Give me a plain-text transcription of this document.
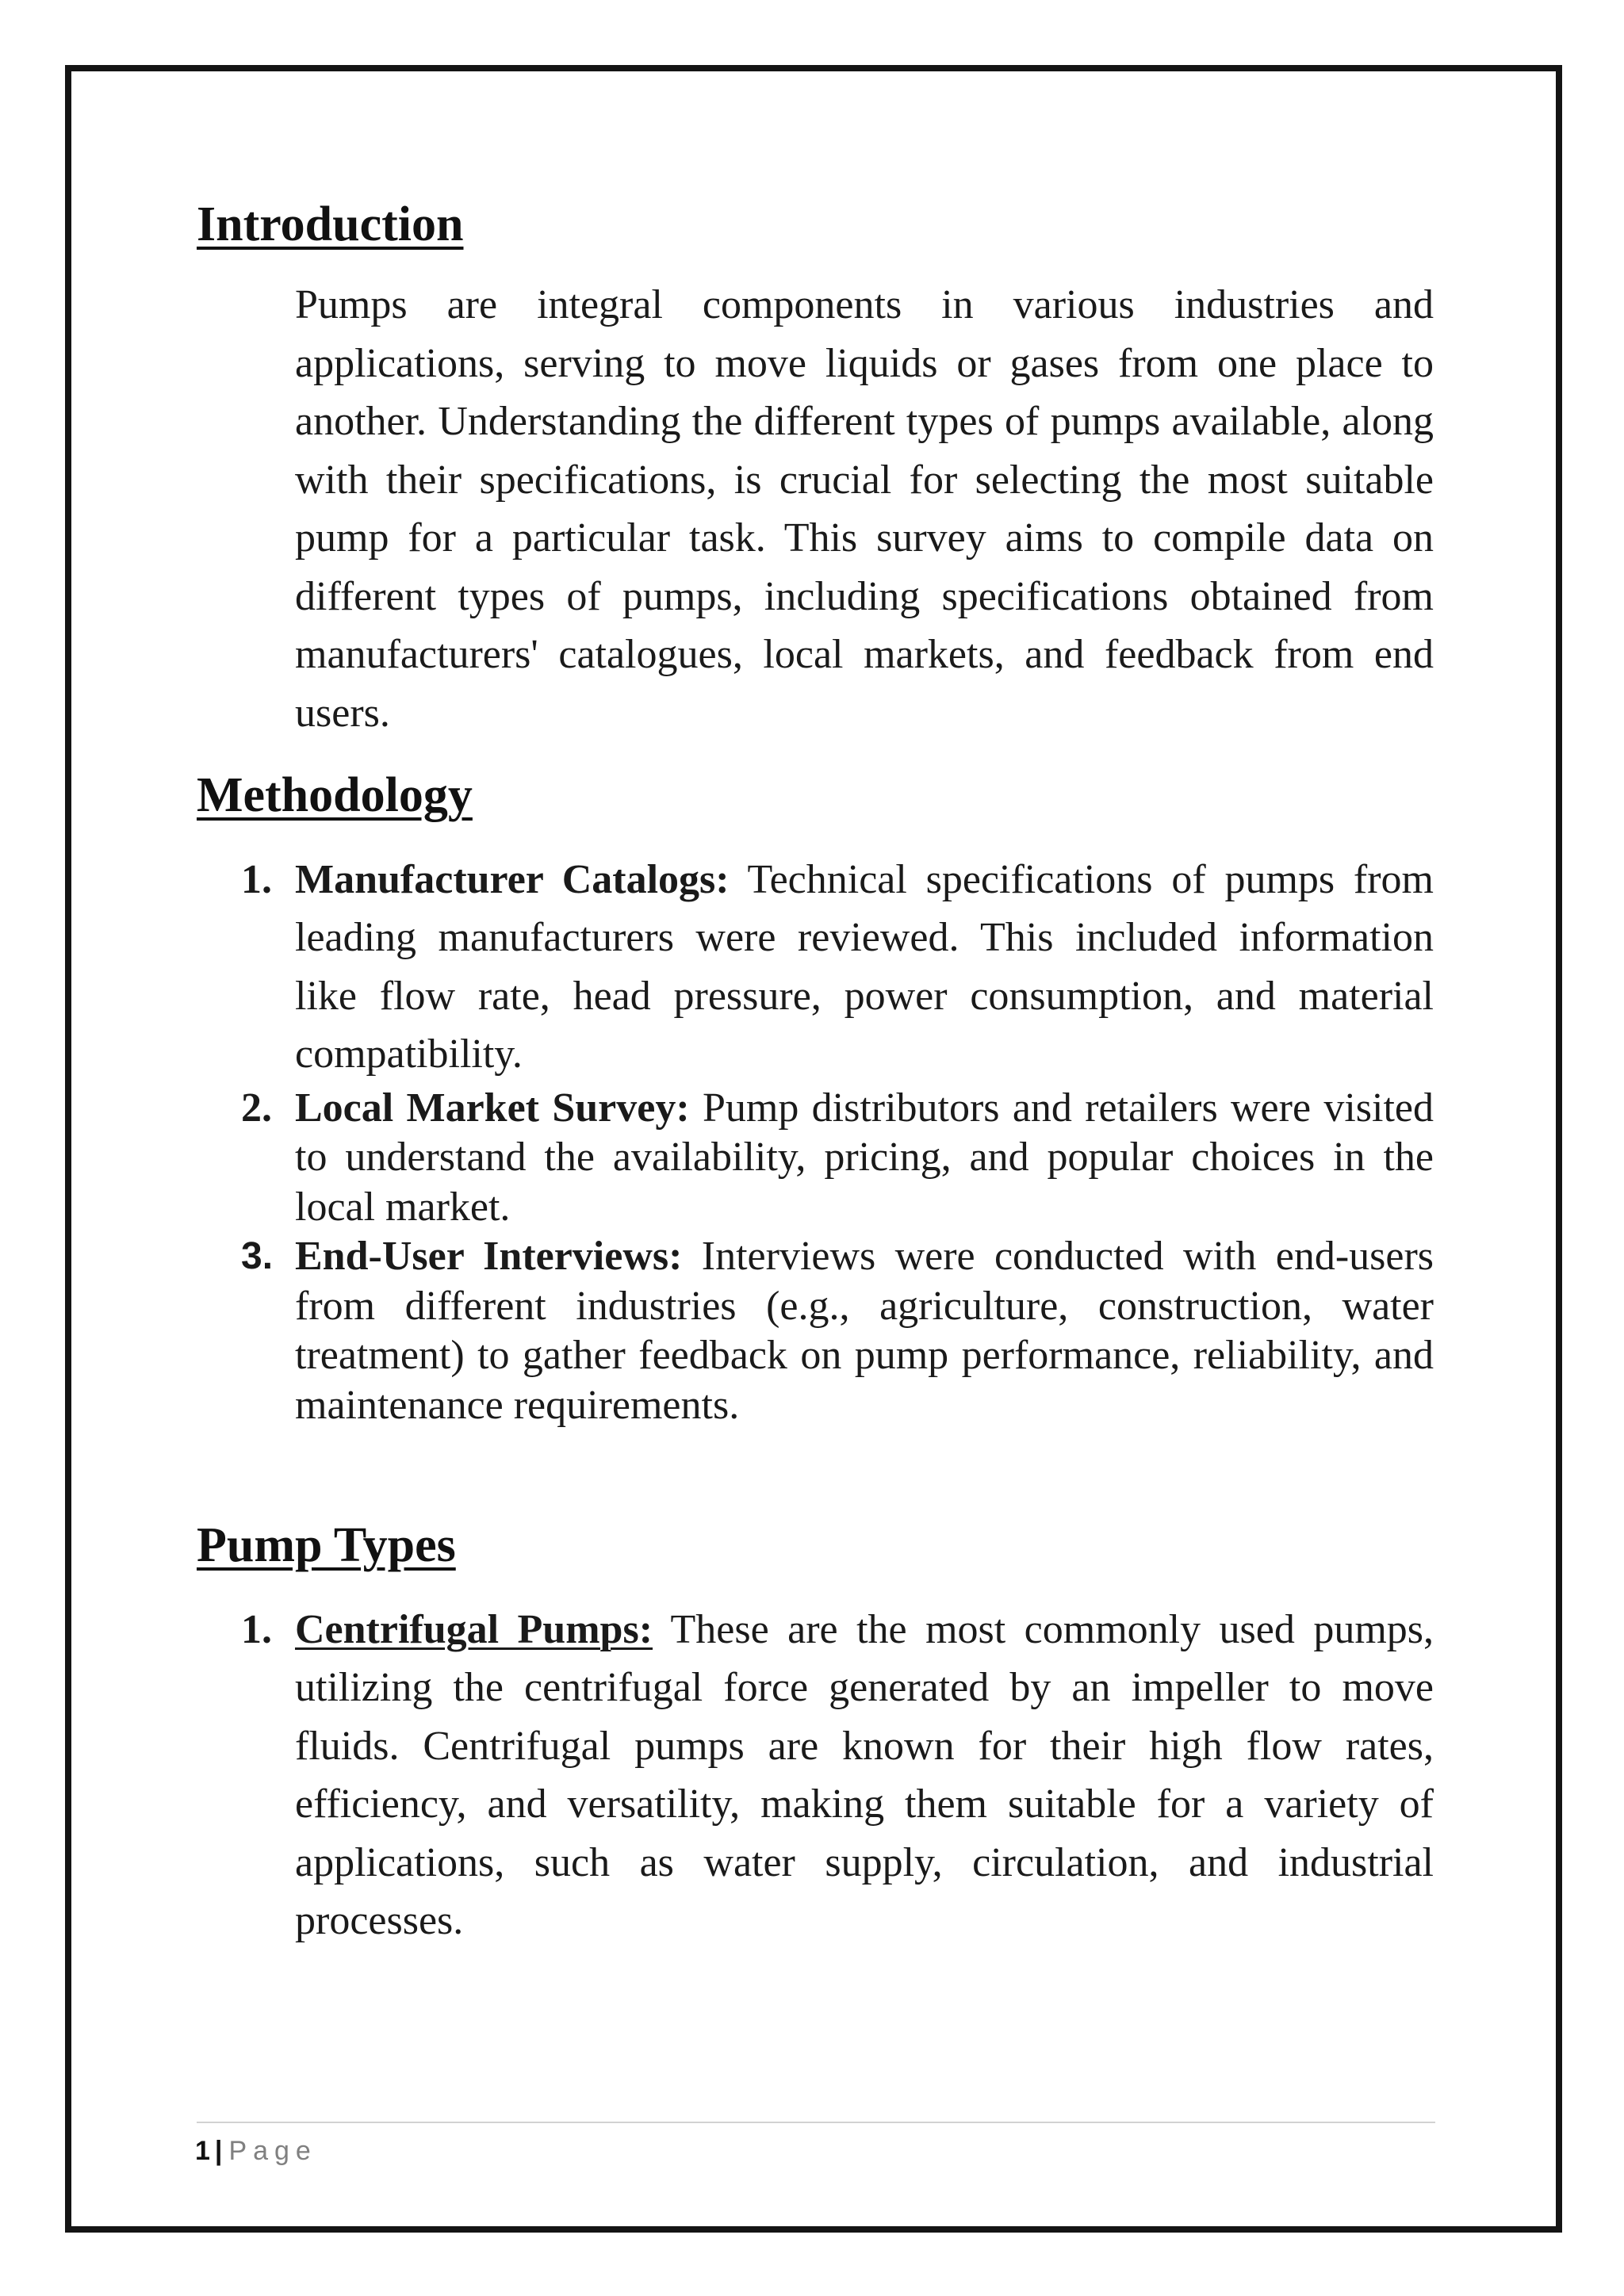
Introduction
Pumps are integral components in various industries and applications, serving to move liquids or gases from one place to another. Understanding the different types of pumps available, along with their specifications, is crucial for selecting the most suitable pump for a particular task. This survey aims to compile data on different types of pumps, including specifications obtained from manufacturers' catalogues, local markets, and feedback from end users.
Methodology
1. Manufacturer Catalogs: Technical specifications of pumps from leading manufacturers were reviewed. This included information like flow rate, head pressure, power consumption, and material compatibility.
2. Local Market Survey: Pump distributors and retailers were visited to understand the availability, pricing, and popular choices in the local market.
3. End-User Interviews: Interviews were conducted with end-users from different industries (e.g., agriculture, construction, water treatment) to gather feedback on pump performance, reliability, and maintenance requirements.
Pump Types
1. Centrifugal Pumps: These are the most commonly used pumps, utilizing the centrifugal force generated by an impeller to move fluids. Centrifugal pumps are known for their high flow rates, efficiency, and versatility, making them suitable for a variety of applications, such as water supply, circulation, and industrial processes.
1 | Page
